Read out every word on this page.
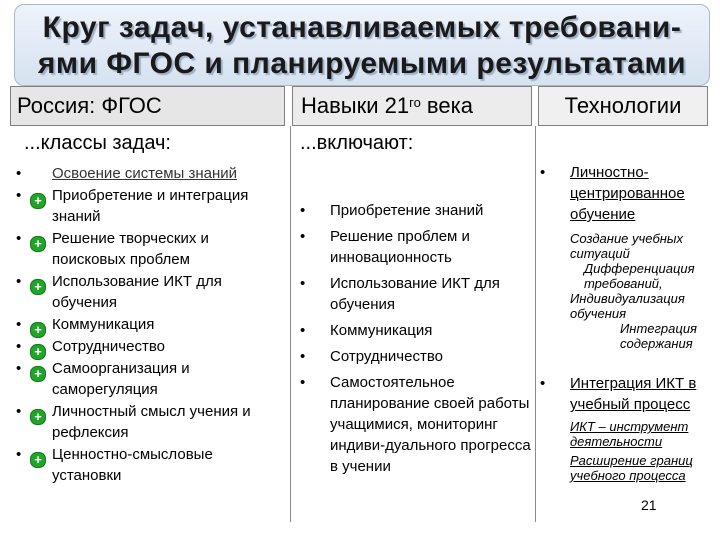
Круг задач, устанавливаемых требовани-
ями ФГОС и планируемыми результатами
Россия: ФГОС	Навыки $21^{го}$ века	Технологии
...классы задач:	...включают:
• Освоение системы знаний
• + Приобретение и интеграция знаний
• + Решение творческих и поисковых проблем
• + Использование ИКТ для обучения
• + Коммуникация
• + Сотрудничество
• + Самоорганизация и саморегуляция
• + Личностный смысл учения и рефлексия
• + Ценностно-смысловые установки
• Приобретение знаний
• Решение проблем и инновационность
• Использование ИКТ для обучения
• Коммуникация
• Сотрудничество
• Самостоятельное планирование своей работы учащимися, мониторинг индиви-дуального прогресса в учении
• Личностно-центрированное обучение
Создание учебных ситуаций
Дифференциация требований,
Индивидуализация обучения
Интеграция содержания
• Интеграция ИКТ в учебный процесс
ИКТ – инструмент деятельности
Расширение границ учебного процесса
21
